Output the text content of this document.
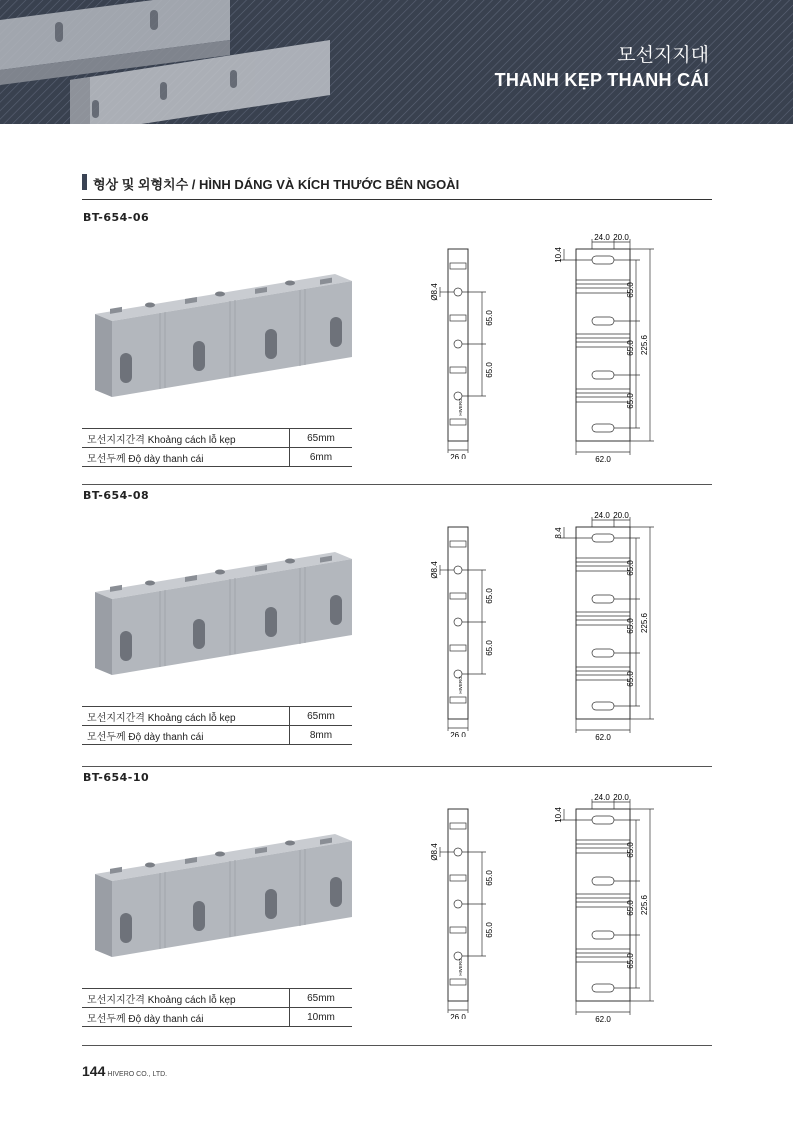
모선지지대
THANH KẸP THANH CÁI
형상 및 외형치수 / HÌNH DÁNG VÀ KÍCH THƯỚC BÊN NGOÀI
BT-654-06
모선지지간격 Khoảng cách lỗ kẹp	65mm
모선두께 Độ dày thanh cái	6mm
Ø8.4
65.0
65.0
26.0
HIVERO
24.0 20.0
10.4
65.0
65.0
65.0
225.6
62.0
BT-654-08
모선지지간격 Khoảng cách lỗ kẹp	65mm
모선두께 Độ dày thanh cái	8mm
Ø8.4
65.0
65.0
26.0
HIVERO
24.0 20.0
8.4
65.0
65.0
65.0
225.6
62.0
BT-654-10
모선지지간격 Khoảng cách lỗ kẹp	65mm
모선두께 Độ dày thanh cái	10mm
Ø8.4
65.0
65.0
26.0
HIVERO
24.0 20.0
10.4
65.0
65.0
65.0
225.6
62.0
144 HIVERO CO., LTD.
